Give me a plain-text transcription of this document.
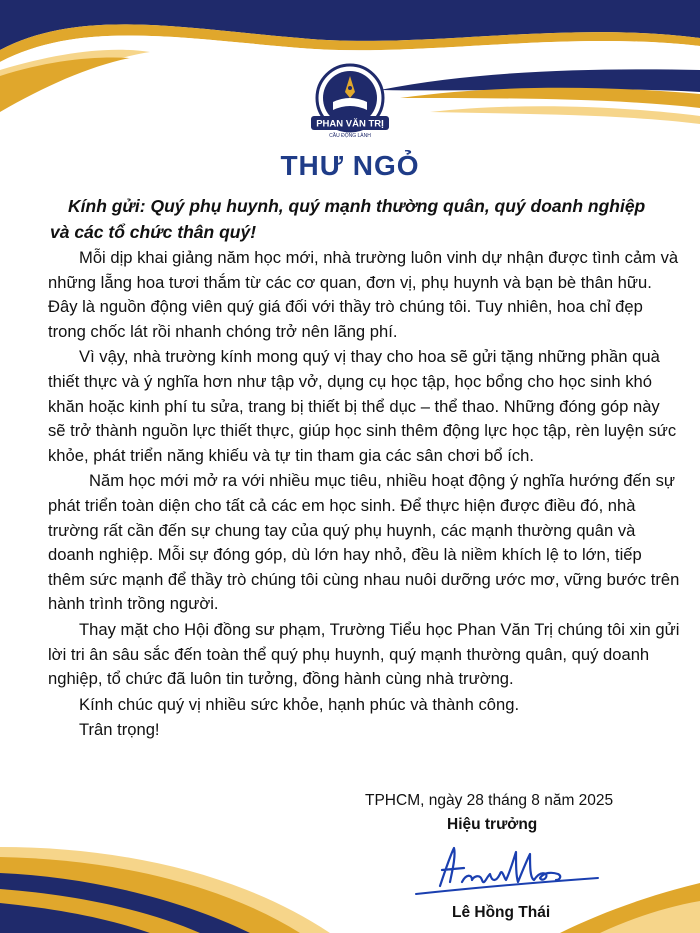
PHAN VĂN TRỊ
CẦU ĐỘNG LÀNH
THƯ NGỎ
Kính gửi: Quý phụ huynh, quý mạnh thường quân, quý doanh nghiệp
và các tổ chức thân quý!

Mỗi dịp khai giảng năm học mới, nhà trường luôn vinh dự nhận được tình cảm và những lẵng hoa tươi thắm từ các cơ quan, đơn vị, phụ huynh và bạn bè thân hữu. Đây là nguồn động viên quý giá đối với thầy trò chúng tôi. Tuy nhiên, hoa chỉ đẹp trong chốc lát rồi nhanh chóng trở nên lãng phí.

Vì vậy, nhà trường kính mong quý vị thay cho hoa sẽ gửi tặng những phần quà thiết thực và ý nghĩa hơn như tập vở, dụng cụ học tập, học bổng cho học sinh khó khăn hoặc kinh phí tu sửa, trang bị thiết bị thể dục – thể thao. Những đóng góp này sẽ trở thành nguồn lực thiết thực, giúp học sinh thêm động lực học tập, rèn luyện sức khỏe, phát triển năng khiếu và tự tin tham gia các sân chơi bổ ích.

Năm học mới mở ra với nhiều mục tiêu, nhiều hoạt động ý nghĩa hướng đến sự phát triển toàn diện cho tất cả các em học sinh. Để thực hiện được điều đó, nhà trường rất cần đến sự chung tay của quý phụ huynh, các mạnh thường quân và doanh nghiệp. Mỗi sự đóng góp, dù lớn hay nhỏ, đều là niềm khích lệ to lớn, tiếp thêm sức mạnh để thầy trò chúng tôi cùng nhau nuôi dưỡng ước mơ, vững bước trên hành trình trồng người.

Thay mặt cho Hội đồng sư phạm, Trường Tiểu học Phan Văn Trị chúng tôi xin gửi lời tri ân sâu sắc đến toàn thể quý phụ huynh, quý mạnh thường quân, quý doanh nghiệp, tổ chức đã luôn tin tưởng, đồng hành cùng nhà trường.

Kính chúc quý vị nhiều sức khỏe, hạnh phúc và thành công.

Trân trọng!

TPHCM, ngày 28 tháng 8 năm 2025
Hiệu trưởng
Lê Hồng Thái
